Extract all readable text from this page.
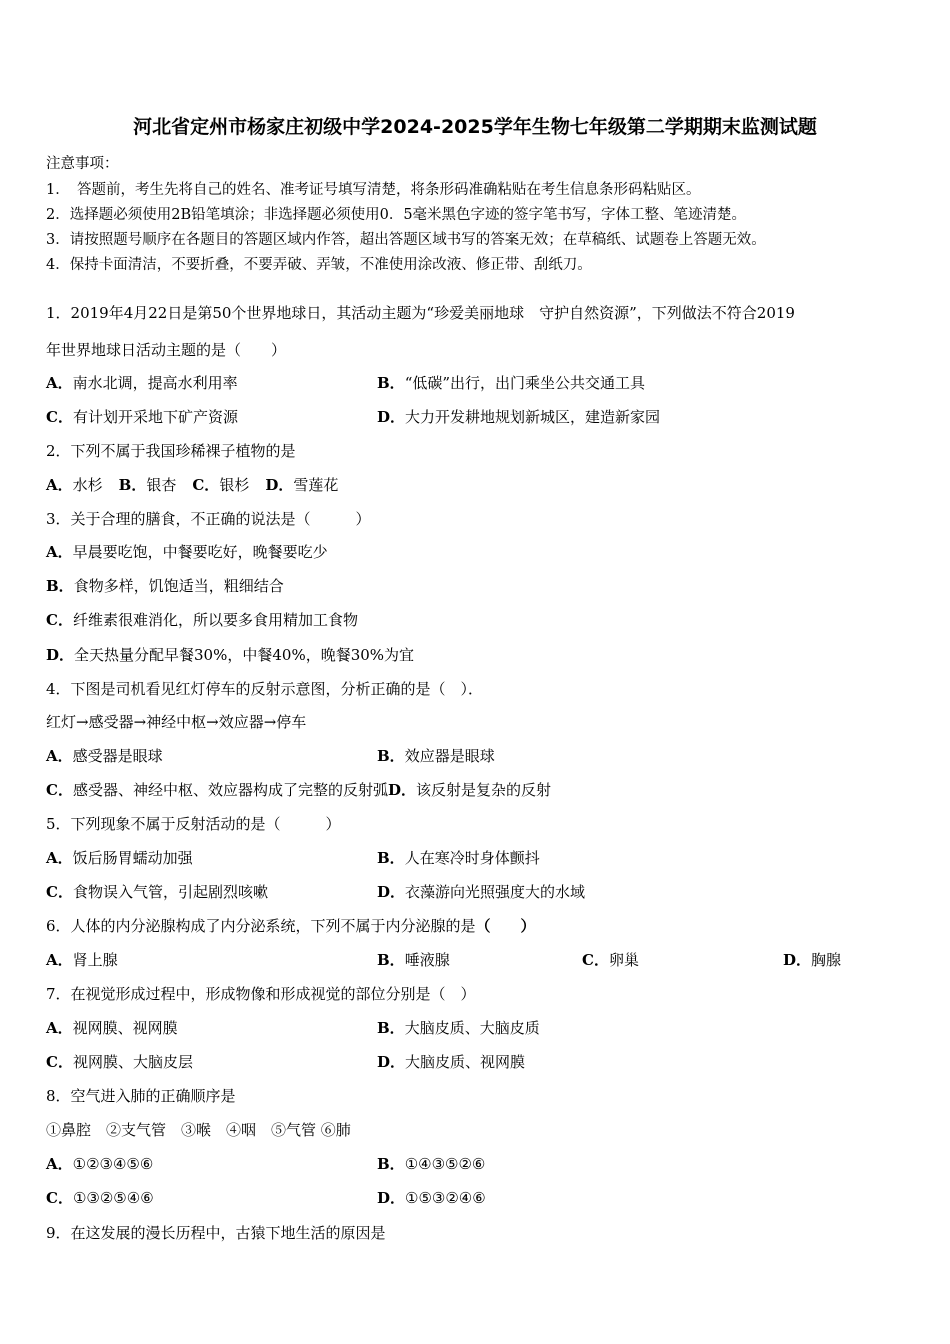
河北省定州市杨家庄初级中学2024-2025学年生物七年级第二学期期末监测试题
注意事项：
1．　答题前，考生先将自己的姓名、准考证号填写清楚，将条形码准确粘贴在考生信息条形码粘贴区。
2．选择题必须使用2B铅笔填涂；非选择题必须使用0．5毫米黑色字迹的签字笔书写，字体工整、笔迹清楚。
3．请按照题号顺序在各题目的答题区域内作答，超出答题区域书写的答案无效；在草稿纸、试题卷上答题无效。
4．保持卡面清洁，不要折叠，不要弄破、弄皱，不准使用涂改液、修正带、刮纸刀。
1．2019年4月22日是第50个世界地球日，其活动主题为“珍爱美丽地球　守护自然资源”，下列做法不符合2019
年世界地球日活动主题的是（　　）
A．南水北调，提高水利用率	B．“低碳”出行，出门乘坐公共交通工具
C．有计划开采地下矿产资源	D．大力开发耕地规划新城区，建造新家园
2．下列不属于我国珍稀裸子植物的是
A．水杉 B．银杏 C．银杉 D．雪莲花
3．关于合理的膳食，不正确的说法是（　　　）
A．早晨要吃饱，中餐要吃好，晚餐要吃少
B．食物多样，饥饱适当，粗细结合
C．纤维素很难消化，所以要多食用精加工食物
D．全天热量分配早餐30%，中餐40%，晚餐30%为宜
4．下图是司机看见红灯停车的反射示意图，分析正确的是（　）．
红灯→感受器→神经中枢→效应器→停车
A．感受器是眼球	B．效应器是眼球
C．感受器、神经中枢、效应器构成了完整的反射弧D．该反射是复杂的反射
5．下列现象不属于反射活动的是（　　　）
A．饭后肠胃蠕动加强	B．人在寒冷时身体颤抖
C．食物误入气管，引起剧烈咳嗽	D．衣藻游向光照强度大的水域
6．人体的内分泌腺构成了内分泌系统，下列不属于内分泌腺的是（　　）
A．肾上腺	B．唾液腺	C．卵巢	D．胸腺
7．在视觉形成过程中，形成物像和形成视觉的部位分别是（　）
A．视网膜、视网膜	B．大脑皮质、大脑皮质
C．视网膜、大脑皮层	D．大脑皮质、视网膜
8．空气进入肺的正确顺序是
①鼻腔　②支气管　③喉　④咽　⑤气管 ⑥肺
A．①②③④⑤⑥	B．①④③⑤②⑥
C．①③②⑤④⑥	D．①⑤③②④⑥
9．在这发展的漫长历程中，古猿下地生活的原因是
